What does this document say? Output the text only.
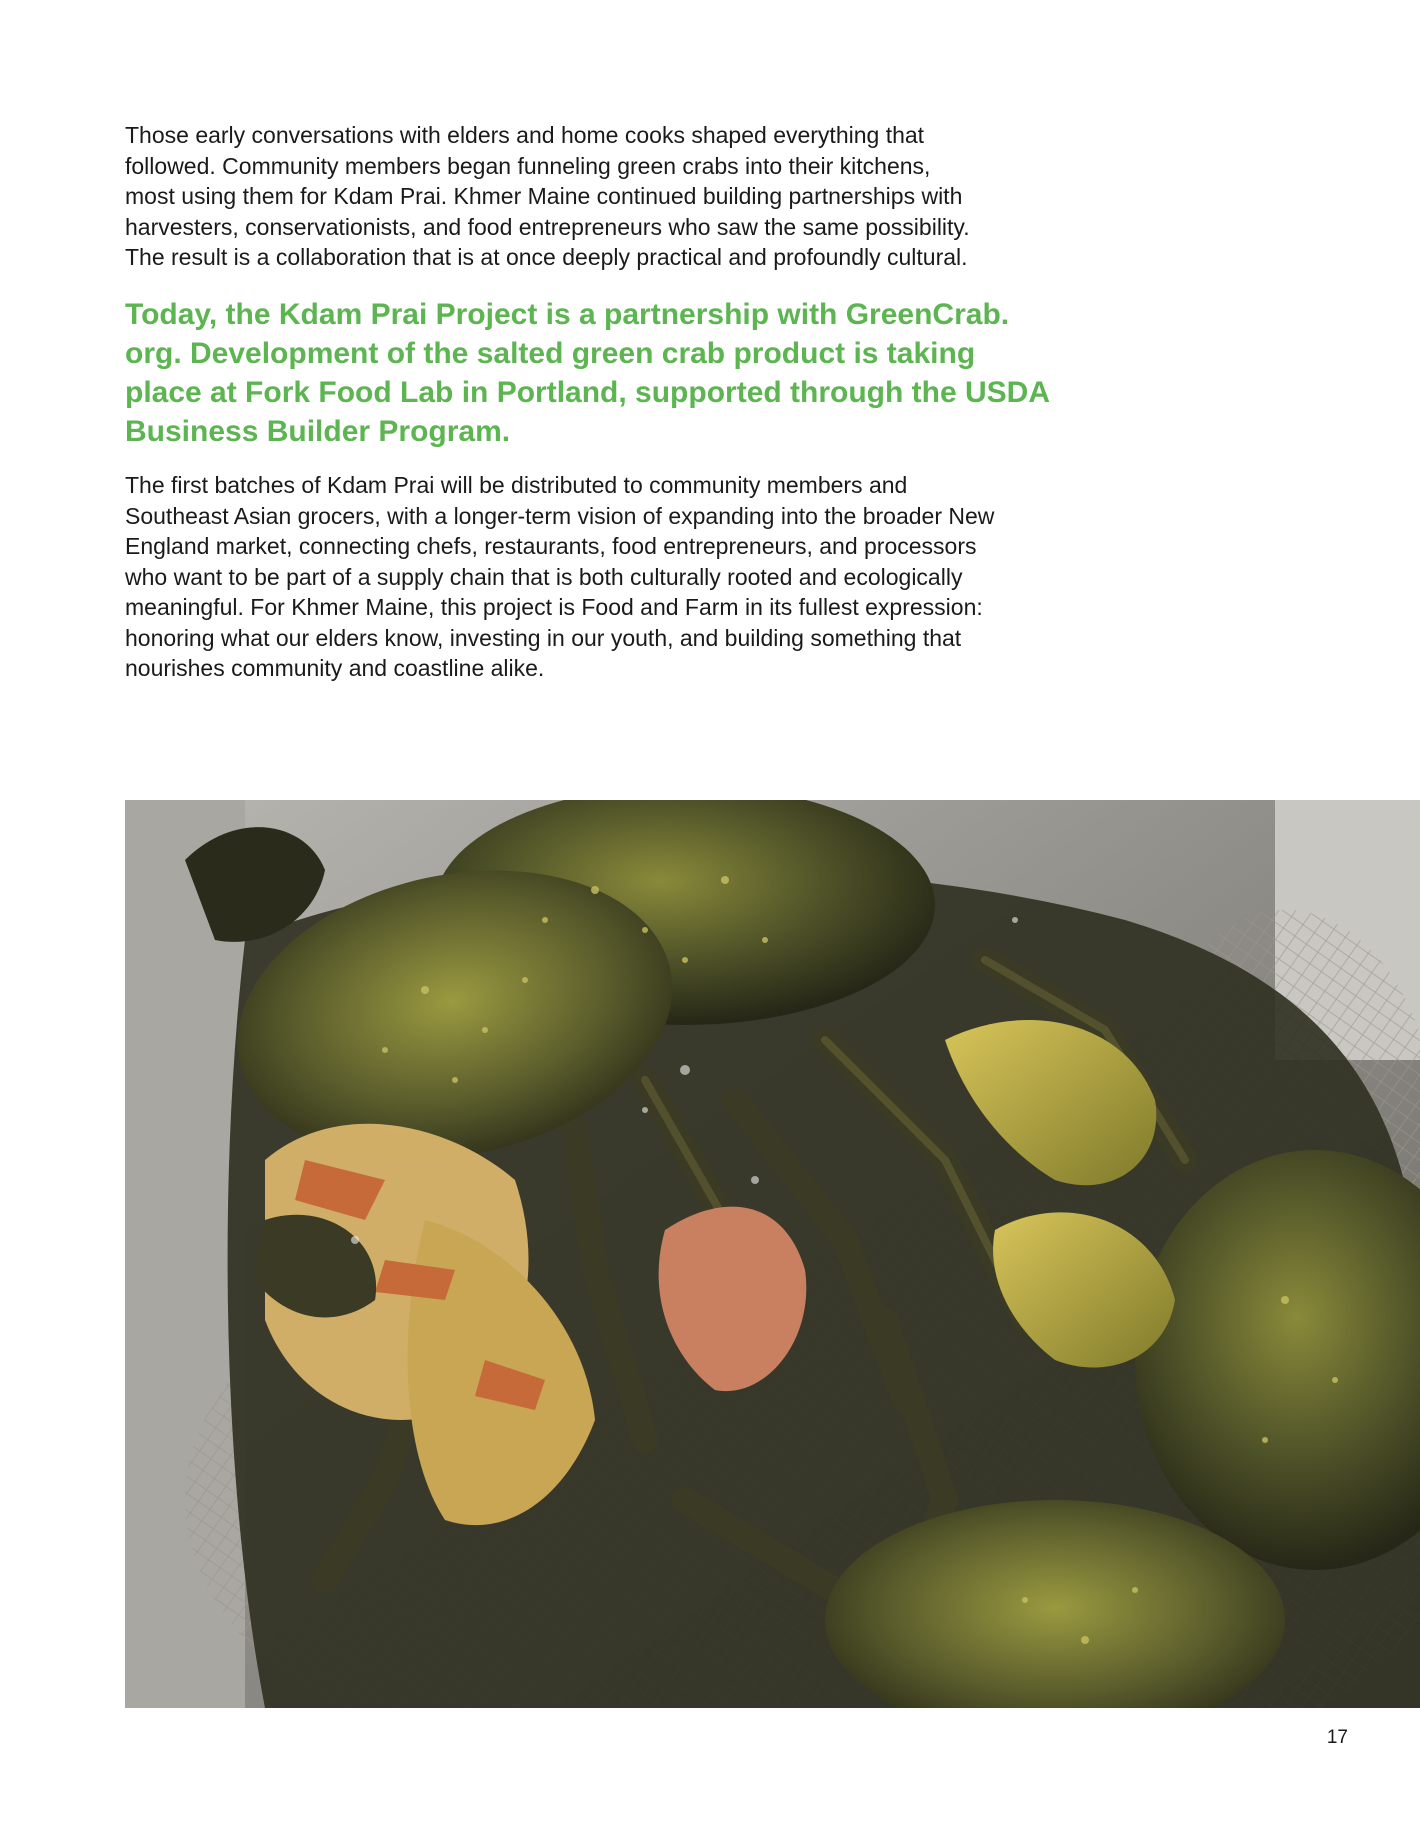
Those early conversations with elders and home cooks shaped everything that
followed. Community members began funneling green crabs into their kitchens,
most using them for Kdam Prai. Khmer Maine continued building partnerships with
harvesters, conservationists, and food entrepreneurs who saw the same possibility.
The result is a collaboration that is at once deeply practical and profoundly cultural.

Today, the Kdam Prai Project is a partnership with GreenCrab.
org. Development of the salted green crab product is taking
place at Fork Food Lab in Portland, supported through the USDA
Business Builder Program.

The first batches of Kdam Prai will be distributed to community members and
Southeast Asian grocers, with a longer-term vision of expanding into the broader New
England market, connecting chefs, restaurants, food entrepreneurs, and processors
who want to be part of a supply chain that is both culturally rooted and ecologically
meaningful. For Khmer Maine, this project is Food and Farm in its fullest expression:
honoring what our elders know, investing in our youth, and building something that
nourishes community and coastline alike.

17
